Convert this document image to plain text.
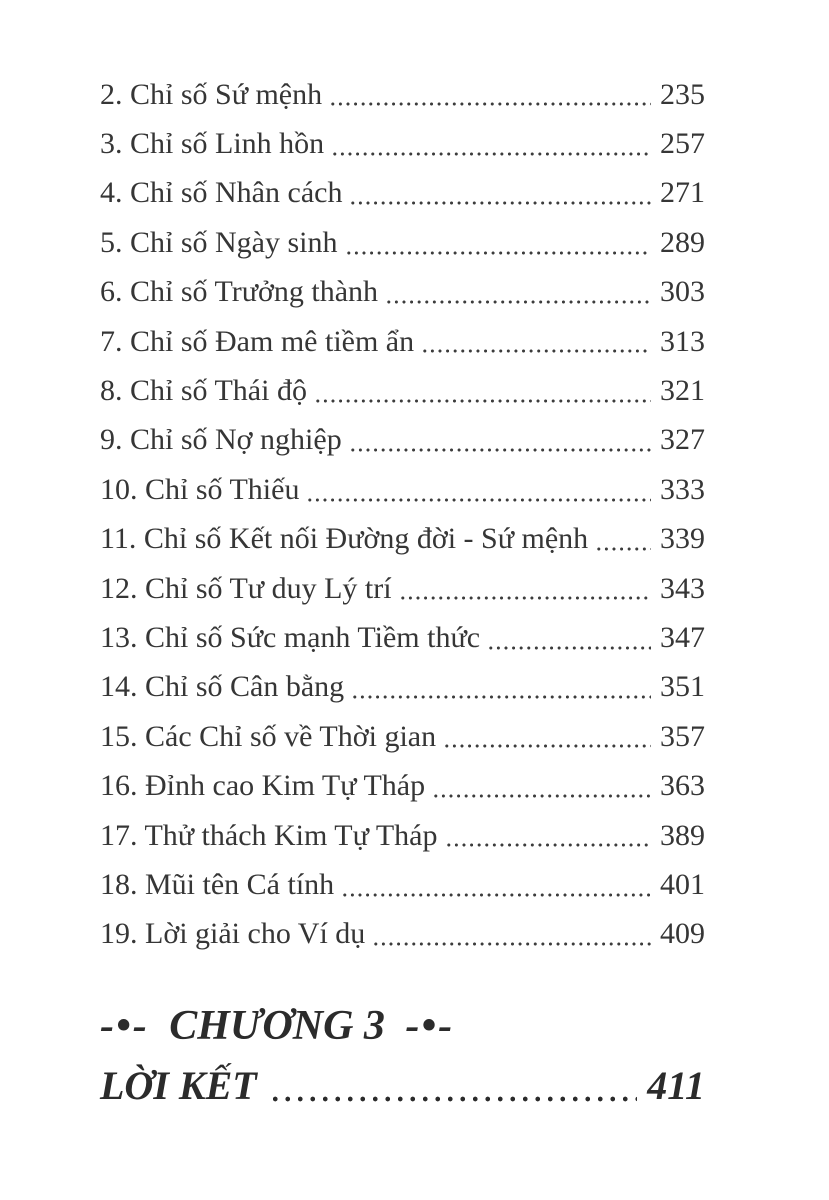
2. Chỉ số Sứ mệnh	235
3. Chỉ số Linh hồn	257
4. Chỉ số Nhân cách	271
5. Chỉ số Ngày sinh	289
6. Chỉ số Trưởng thành	303
7. Chỉ số Đam mê tiềm ẩn	313
8. Chỉ số Thái độ	321
9. Chỉ số Nợ nghiệp	327
10. Chỉ số Thiếu	333
11. Chỉ số Kết nối Đường đời - Sứ mệnh 339
12. Chỉ số Tư duy Lý trí	343
13. Chỉ số Sức mạnh Tiềm thức	347
14. Chỉ số Cân bằng	351
15. Các Chỉ số về Thời gian	357
16. Đỉnh cao Kim Tự Tháp	363
17. Thử thách Kim Tự Tháp	389
18. Mũi tên Cá tính	401
19. Lời giải cho Ví dụ	409
-•- CHƯƠNG 3 -•-
LỜI KẾT	411
